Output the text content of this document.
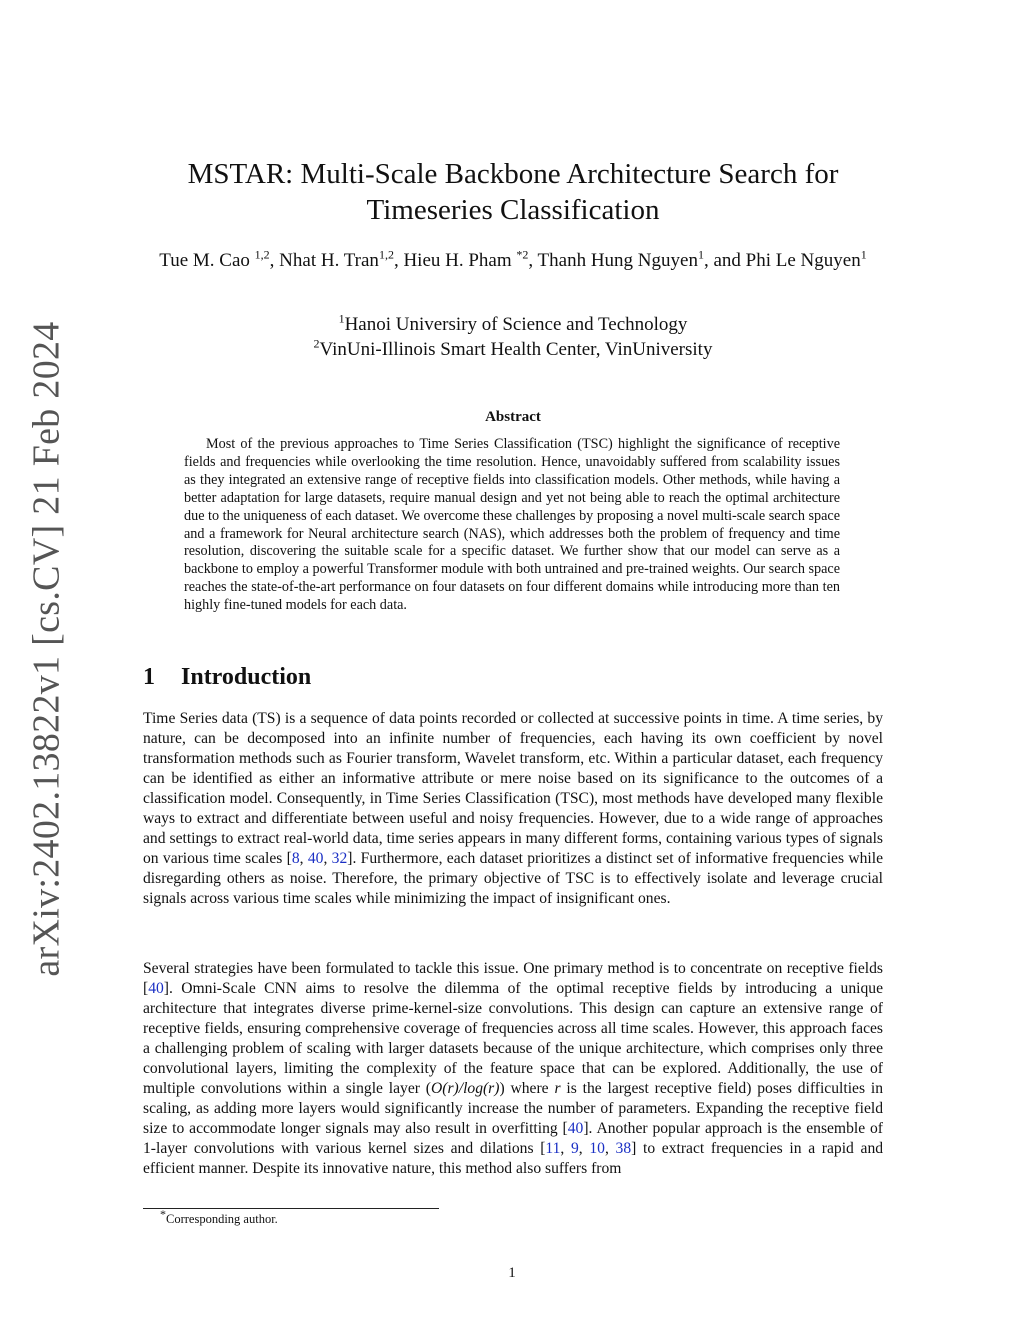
arXiv:2402.13822v1 [cs.CV] 21 Feb 2024
MSTAR: Multi-Scale Backbone Architecture Search for Timeseries Classification
Tue M. Cao $^{1,2}$, Nhat H. Tran$^{1,2}$, Hieu H. Pham $^{*2}$, Thanh Hung Nguyen$^1$, and Phi Le Nguyen$^1$
$^1$Hanoi Universiry of Science and Technology
$^2$VinUni-Illinois Smart Health Center, VinUniversity
Abstract
Most of the previous approaches to Time Series Classification (TSC) highlight the significance of receptive fields and frequencies while overlooking the time resolution. Hence, unavoidably suffered from scalability issues as they integrated an extensive range of receptive fields into classification models. Other methods, while having a better adaptation for large datasets, require manual design and yet not being able to reach the optimal architecture due to the uniqueness of each dataset. We overcome these challenges by proposing a novel multi-scale search space and a framework for Neural architecture search (NAS), which addresses both the problem of frequency and time resolution, discovering the suitable scale for a specific dataset. We further show that our model can serve as a backbone to employ a powerful Transformer module with both untrained and pre-trained weights. Our search space reaches the state-of-the-art performance on four datasets on four different domains while introducing more than ten highly fine-tuned models for each data.
1 Introduction
Time Series data (TS) is a sequence of data points recorded or collected at successive points in time. A time series, by nature, can be decomposed into an infinite number of frequencies, each having its own coefficient by novel transformation methods such as Fourier transform, Wavelet transform, etc. Within a particular dataset, each frequency can be identified as either an informative attribute or mere noise based on its significance to the outcomes of a classification model. Consequently, in Time Series Classification (TSC), most methods have developed many flexible ways to extract and differentiate between useful and noisy frequencies. However, due to a wide range of approaches and settings to extract real-world data, time series appears in many different forms, containing various types of signals on various time scales [8, 40, 32]. Furthermore, each dataset prioritizes a distinct set of informative frequencies while disregarding others as noise. Therefore, the primary objective of TSC is to effectively isolate and leverage crucial signals across various time scales while minimizing the impact of insignificant ones.
Several strategies have been formulated to tackle this issue. One primary method is to concentrate on receptive fields [40]. Omni-Scale CNN aims to resolve the dilemma of the optimal receptive fields by introducing a unique architecture that integrates diverse prime-kernel-size convolutions. This design can capture an extensive range of receptive fields, ensuring comprehensive coverage of frequencies across all time scales. However, this approach faces a challenging problem of scaling with larger datasets because of the unique architecture, which comprises only three convolutional layers, limiting the complexity of the feature space that can be explored. Additionally, the use of multiple convolutions within a single layer (O(r)/log(r)) where r is the largest receptive field) poses difficulties in scaling, as adding more layers would significantly increase the number of parameters. Expanding the receptive field size to accommodate longer signals may also result in overfitting [40]. Another popular approach is the ensemble of 1-layer convolutions with various kernel sizes and dilations [11, 9, 10, 38] to extract frequencies in a rapid and efficient manner. Despite its innovative nature, this method also suffers from
*Corresponding author.
1
